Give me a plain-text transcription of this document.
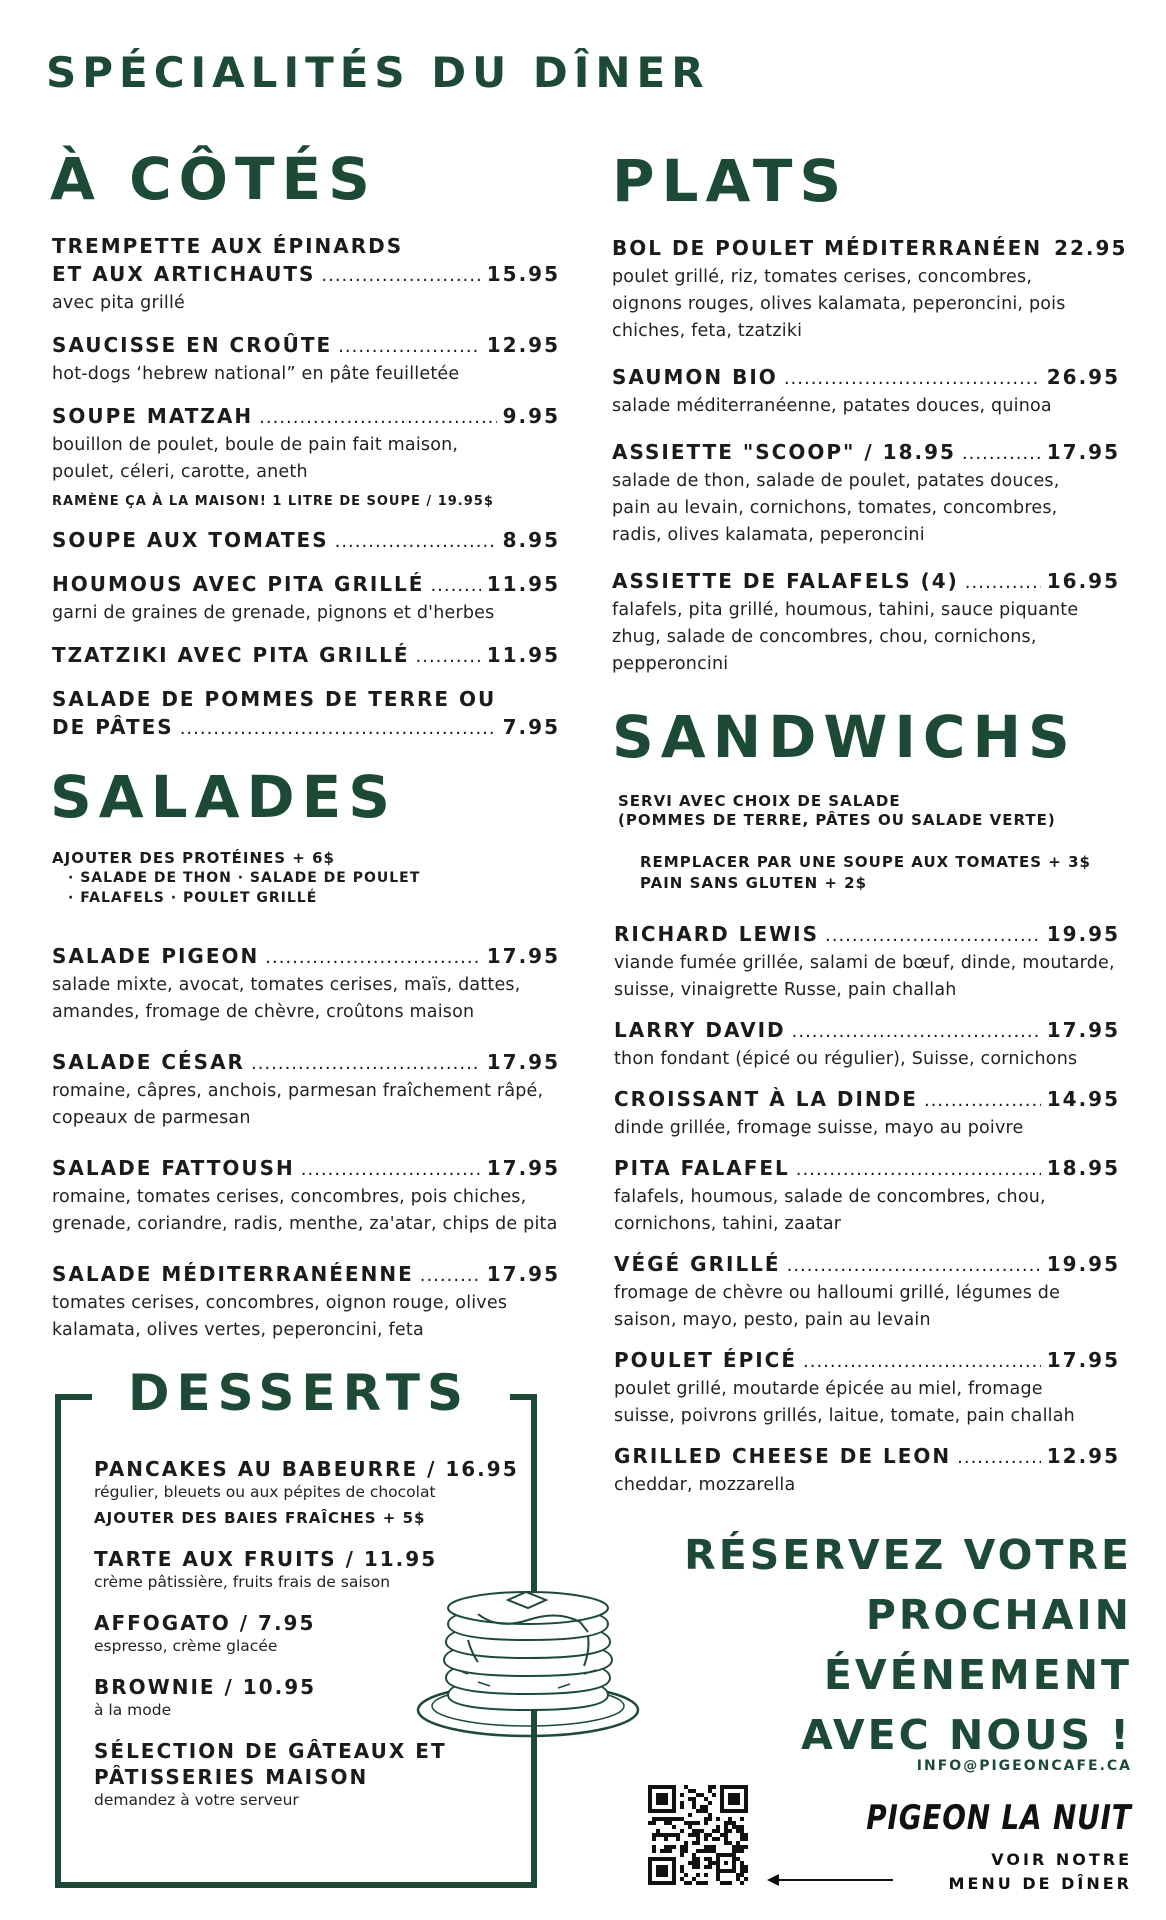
SPÉCIALITÉS DU DÎNER
À CÔTÉS
TREMPETTE AUX ÉPINARDS
ET AUX ARTICHAUTS .....	15.95
avec pita grillé
SAUCISSE EN CROÛTE .....	12.95
hot-dogs ‘hebrew national” en pâte feuilletée
SOUPE MATZAH .....	9.95
bouillon de poulet, boule de pain fait maison,
poulet, céleri, carotte, aneth
RAMÈNE ÇA À LA MAISON! 1 LITRE DE SOUPE / 19.95$
SOUPE AUX TOMATES .....	8.95
HOUMOUS AVEC PITA GRILLÉ .....	11.95
garni de graines de grenade, pignons et d'herbes
TZATZIKI AVEC PITA GRILLÉ .....	11.95
SALADE DE POMMES DE TERRE OU
DE PÂTES .....	7.95
SALADES
AJOUTER DES PROTÉINES + 6$
· SALADE DE THON · SALADE DE POULET
· FALAFELS · POULET GRILLÉ
SALADE PIGEON .....	17.95
salade mixte, avocat, tomates cerises, maïs, dattes,
amandes, fromage de chèvre, croûtons maison
SALADE CÉSAR .....	17.95
romaine, câpres, anchois, parmesan fraîchement râpé,
copeaux de parmesan
SALADE FATTOUSH .....	17.95
romaine, tomates cerises, concombres, pois chiches,
grenade, coriandre, radis, menthe, za'atar, chips de pita
SALADE MÉDITERRANÉENNE .....	17.95
tomates cerises, concombres, oignon rouge, olives
kalamata, olives vertes, peperoncini, feta
DESSERTS
PANCAKES AU BABEURRE / 16.95
régulier, bleuets ou aux pépites de chocolat
AJOUTER DES BAIES FRAÎCHES + 5$
TARTE AUX FRUITS / 11.95
crème pâtissière, fruits frais de saison
AFFOGATO / 7.95
espresso, crème glacée
BROWNIE / 10.95
à la mode
SÉLECTION DE GÂTEAUX ET
PÂTISSERIES MAISON
demandez à votre serveur
PLATS
BOL DE POULET MÉDITERRANÉEN 22.95
poulet grillé, riz, tomates cerises, concombres,
oignons rouges, olives kalamata, peperoncini, pois
chiches, feta, tzatziki
SAUMON BIO .....	26.95
salade méditerranéenne, patates douces, quinoa
ASSIETTE "SCOOP" / 18.95 .....	17.95
salade de thon, salade de poulet, patates douces,
pain au levain, cornichons, tomates, concombres,
radis, olives kalamata, peperoncini
ASSIETTE DE FALAFELS (4) .....	16.95
falafels, pita grillé, houmous, tahini, sauce piquante
zhug, salade de concombres, chou, cornichons,
pepperoncini
SANDWICHS
SERVI AVEC CHOIX DE SALADE
(POMMES DE TERRE, PÂTES OU SALADE VERTE)
REMPLACER PAR UNE SOUPE AUX TOMATES + 3$
PAIN SANS GLUTEN + 2$
RICHARD LEWIS .....	19.95
viande fumée grillée, salami de bœuf, dinde, moutarde,
suisse, vinaigrette Russe, pain challah
LARRY DAVID .....	17.95
thon fondant (épicé ou régulier), Suisse, cornichons
CROISSANT À LA DINDE .....	14.95
dinde grillée, fromage suisse, mayo au poivre
PITA FALAFEL .....	18.95
falafels, houmous, salade de concombres, chou,
cornichons, tahini, zaatar
VÉGÉ GRILLÉ .....	19.95
fromage de chèvre ou halloumi grillé, légumes de
saison, mayo, pesto, pain au levain
POULET ÉPICÉ .....	17.95
poulet grillé, moutarde épicée au miel, fromage
suisse, poivrons grillés, laitue, tomate, pain challah
GRILLED CHEESE DE LEON .....	12.95
cheddar, mozzarella
RÉSERVEZ VOTRE
PROCHAIN
ÉVÉNEMENT
AVEC NOUS !
INFO@PIGEONCAFE.CA
PIGEON LA NUIT
VOIR NOTRE
MENU DE DÎNER
